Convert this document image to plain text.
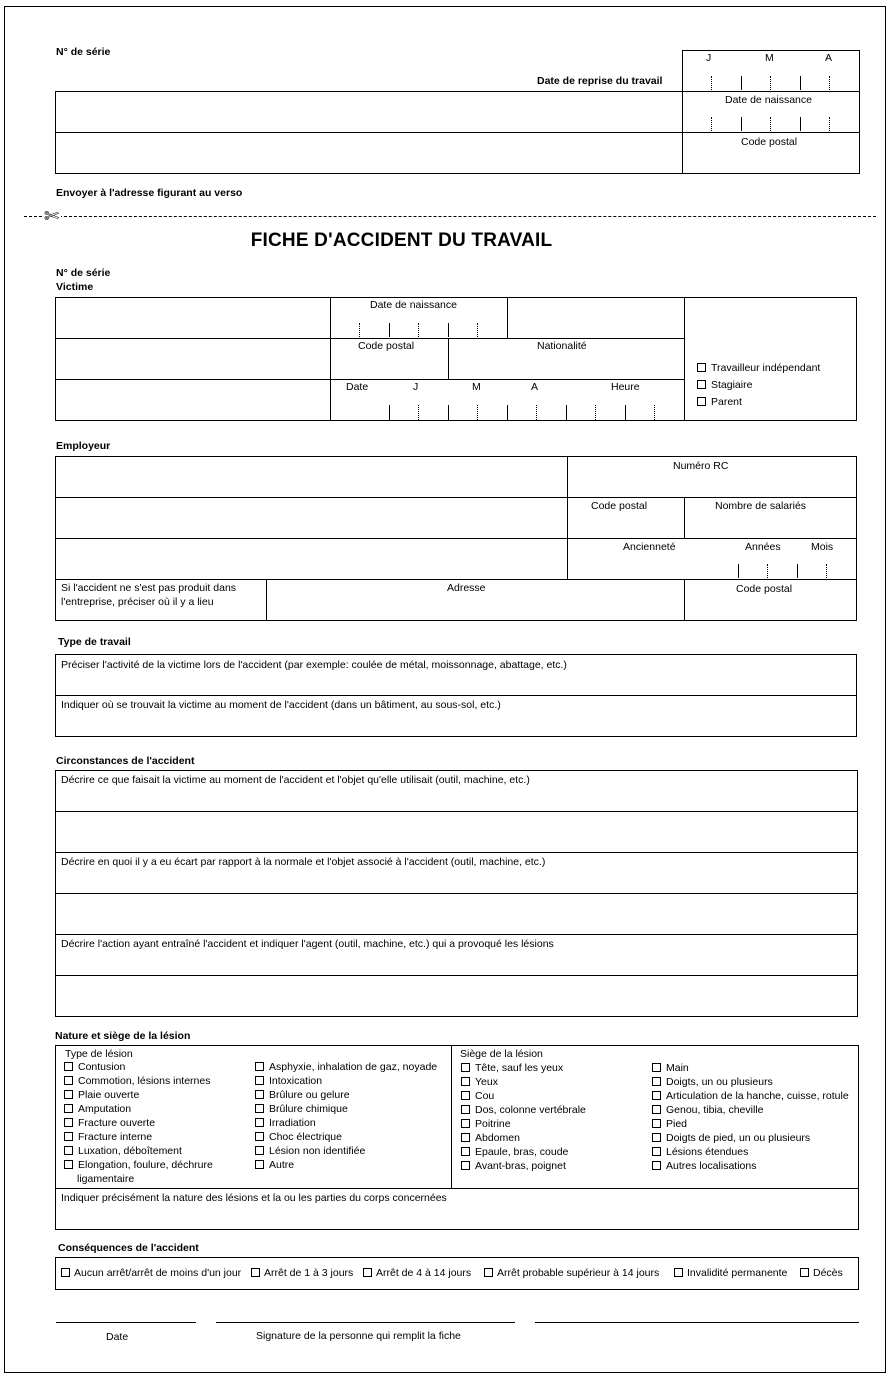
N° de série
Date de reprise du travail
J	M	A
Date de naissance
Code postal
Envoyer à l'adresse figurant au verso
✄
FICHE D'ACCIDENT DU TRAVAIL
N° de série
Victime
Date de naissance
Code postal	Nationalité
Date	J	M	A	Heure
Travailleur indépendant
Stagiaire
Parent
Employeur
Numéro RC
Code postal	Nombre de salariés
Ancienneté	Années	Mois
Si l'accident ne s'est pas produit dans
l'entreprise, préciser où il y a lieu
Adresse	Code postal
Type de travail
Préciser l'activité de la victime lors de l'accident (par exemple: coulée de métal, moissonnage, abattage, etc.)
Indiquer où se trouvait la victime au moment de l'accident (dans un bâtiment, au sous-sol, etc.)
Circonstances de l'accident
Décrire ce que faisait la victime au moment de l'accident et l'objet qu'elle utilisait (outil, machine, etc.)
Décrire en quoi il y a eu écart par rapport à la normale et l'objet associé à l'accident (outil, machine, etc.)
Décrire l'action ayant entraîné l'accident et indiquer l'agent (outil, machine, etc.) qui a provoqué les lésions
Nature et siège de la lésion
Type de lésion	Siège de la lésion
Contusion
Commotion, lésions internes
Plaie ouverte
Amputation
Fracture ouverte
Fracture interne
Luxation, déboîtement
Elongation, foulure, déchrure
ligamentaire
Asphyxie, inhalation de gaz, noyade
Intoxication
Brûlure ou gelure
Brûlure chimique
Irradiation
Choc électrique
Lésion non identifiée
Autre
Tête, sauf les yeux
Yeux
Cou
Dos, colonne vertébrale
Poitrine
Abdomen
Epaule, bras, coude
Avant-bras, poignet
Main
Doigts, un ou plusieurs
Articulation de la hanche, cuisse, rotule
Genou, tibia, cheville
Pied
Doigts de pied, un ou plusieurs
Lésions étendues
Autres localisations
Indiquer précisément la nature des lésions et la ou les parties du corps concernées
Conséquences de l'accident
Aucun arrêt/arrêt de moins d'un jour	Arrêt de 1 à 3 jours	Arrêt de 4 à 14 jours	Arrêt probable supérieur à 14 jours	Invalidité permanente	Décès
Date	Signature de la personne qui remplit la fiche
